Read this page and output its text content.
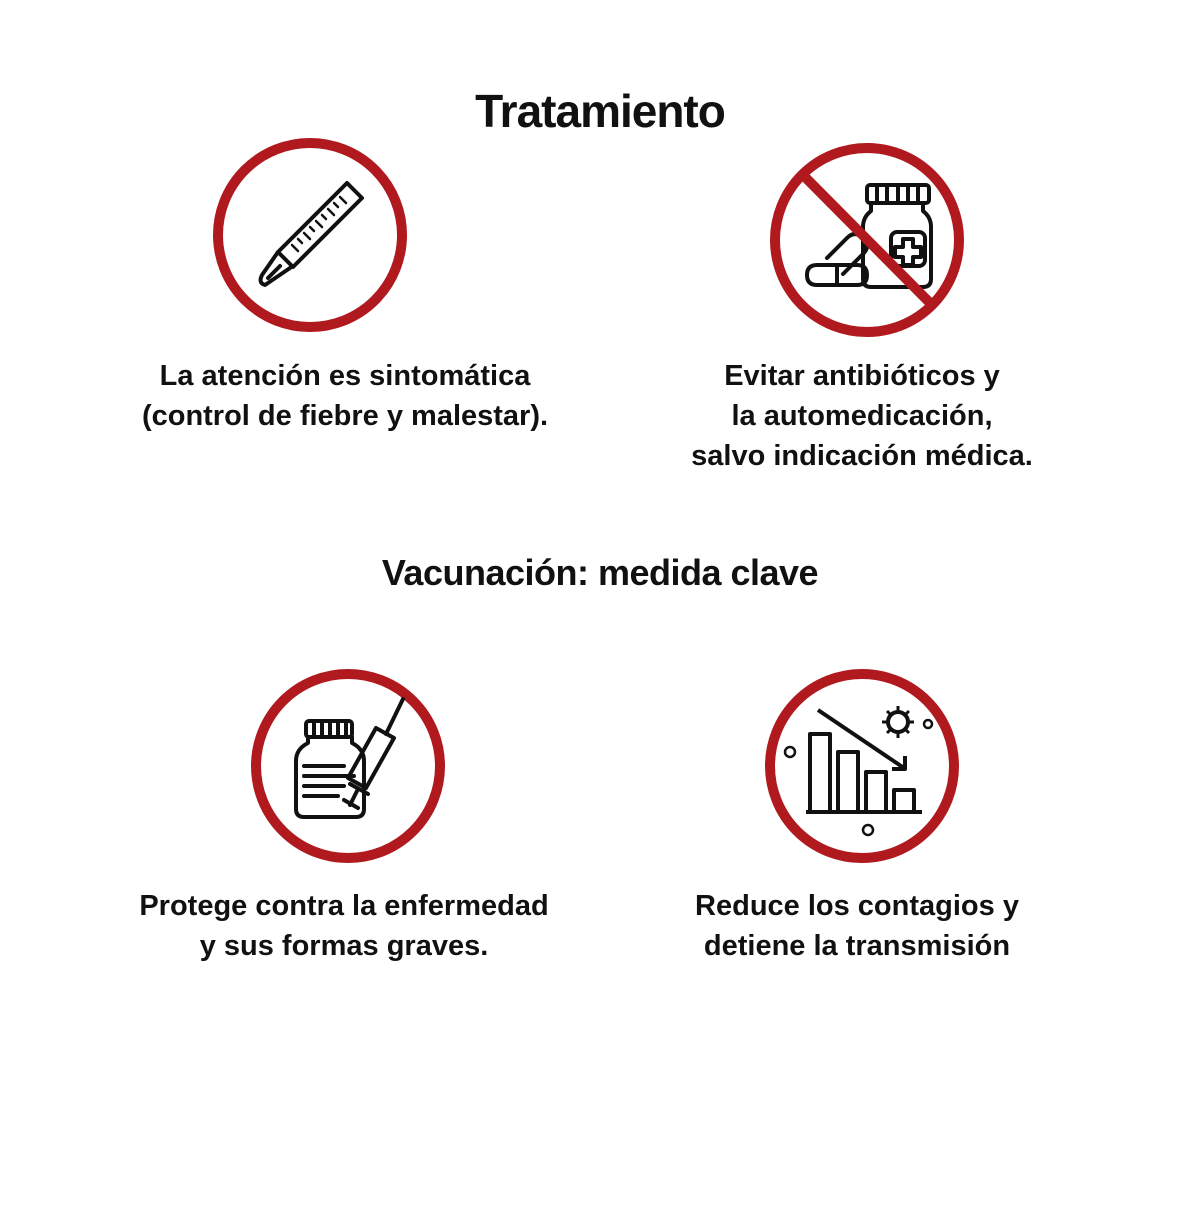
Tratamiento
La atención es sintomática
(control de fiebre y malestar).
Evitar antibióticos y
la automedicación,
salvo indicación médica.
Vacunación: medida clave
Protege contra la enfermedad
y sus formas graves.
Reduce los contagios y
detiene la transmisión
